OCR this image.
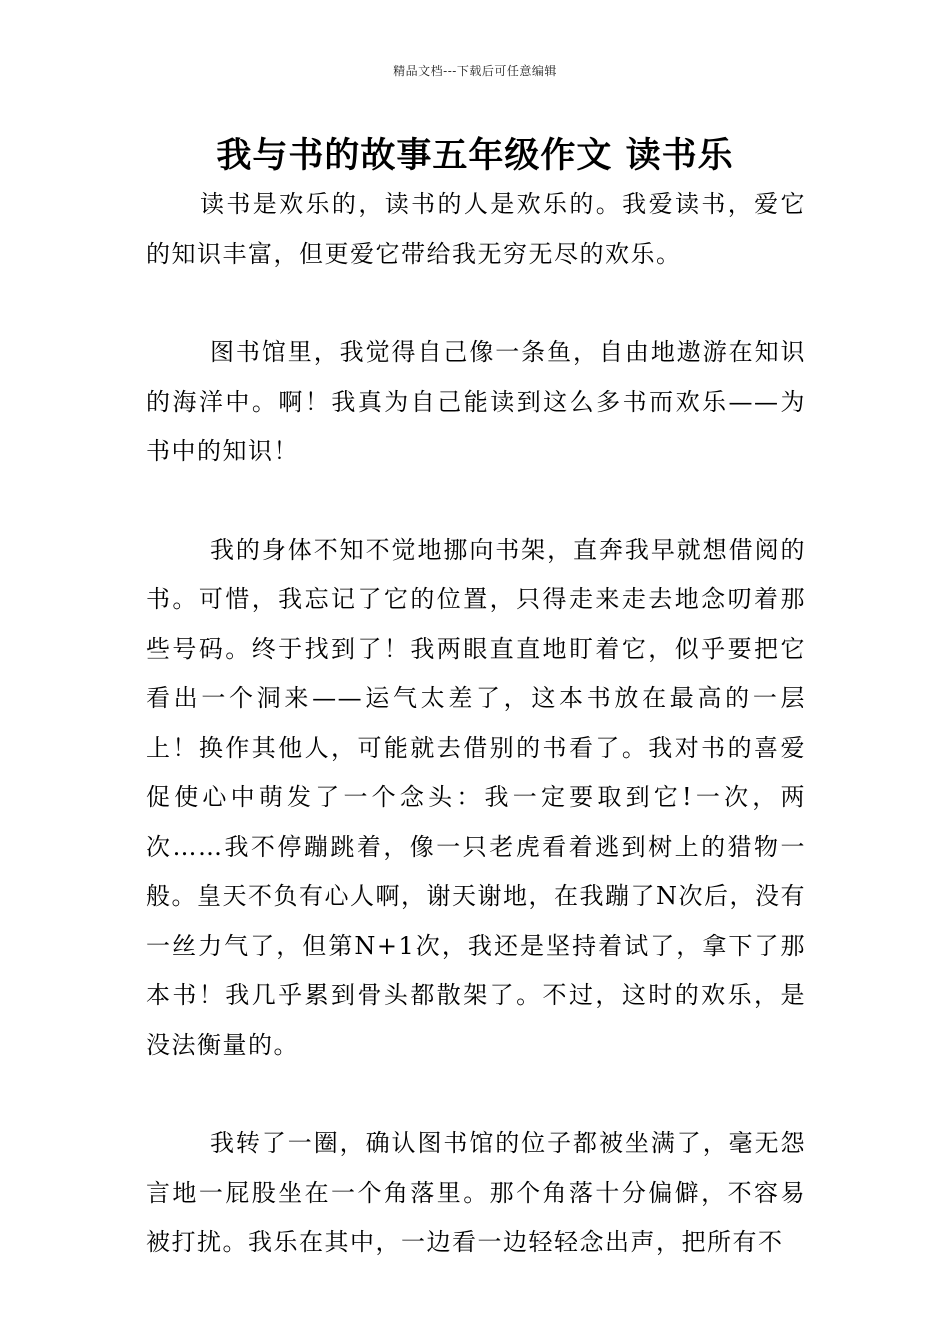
精品文档---下载后可任意编辑
我与书的故事五年级作文 读书乐

读书是欢乐的，读书的人是欢乐的。我爱读书，爱它的知识丰富，但更爱它带给我无穷无尽的欢乐。

图书馆里，我觉得自己像一条鱼，自由地遨游在知识的海洋中。啊！我真为自己能读到这么多书而欢乐——为书中的知识！

我的身体不知不觉地挪向书架，直奔我早就想借阅的书。可惜，我忘记了它的位置，只得走来走去地念叨着那些号码。终于找到了！我两眼直直地盯着它，似乎要把它看出一个洞来——运气太差了，这本书放在最高的一层上！换作其他人，可能就去借别的书看了。我对书的喜爱促使心中萌发了一个念头：我一定要取到它!一次，两次……我不停蹦跳着，像一只老虎看着逃到树上的猎物一般。皇天不负有心人啊，谢天谢地，在我蹦了N次后，没有一丝力气了，但第N+1次，我还是坚持着试了，拿下了那本书！我几乎累到骨头都散架了。不过，这时的欢乐，是没法衡量的。

我转了一圈，确认图书馆的位子都被坐满了，毫无怨言地一屁股坐在一个角落里。那个角落十分偏僻，不容易被打扰。我乐在其中，一边看一边轻轻念出声，把所有不
